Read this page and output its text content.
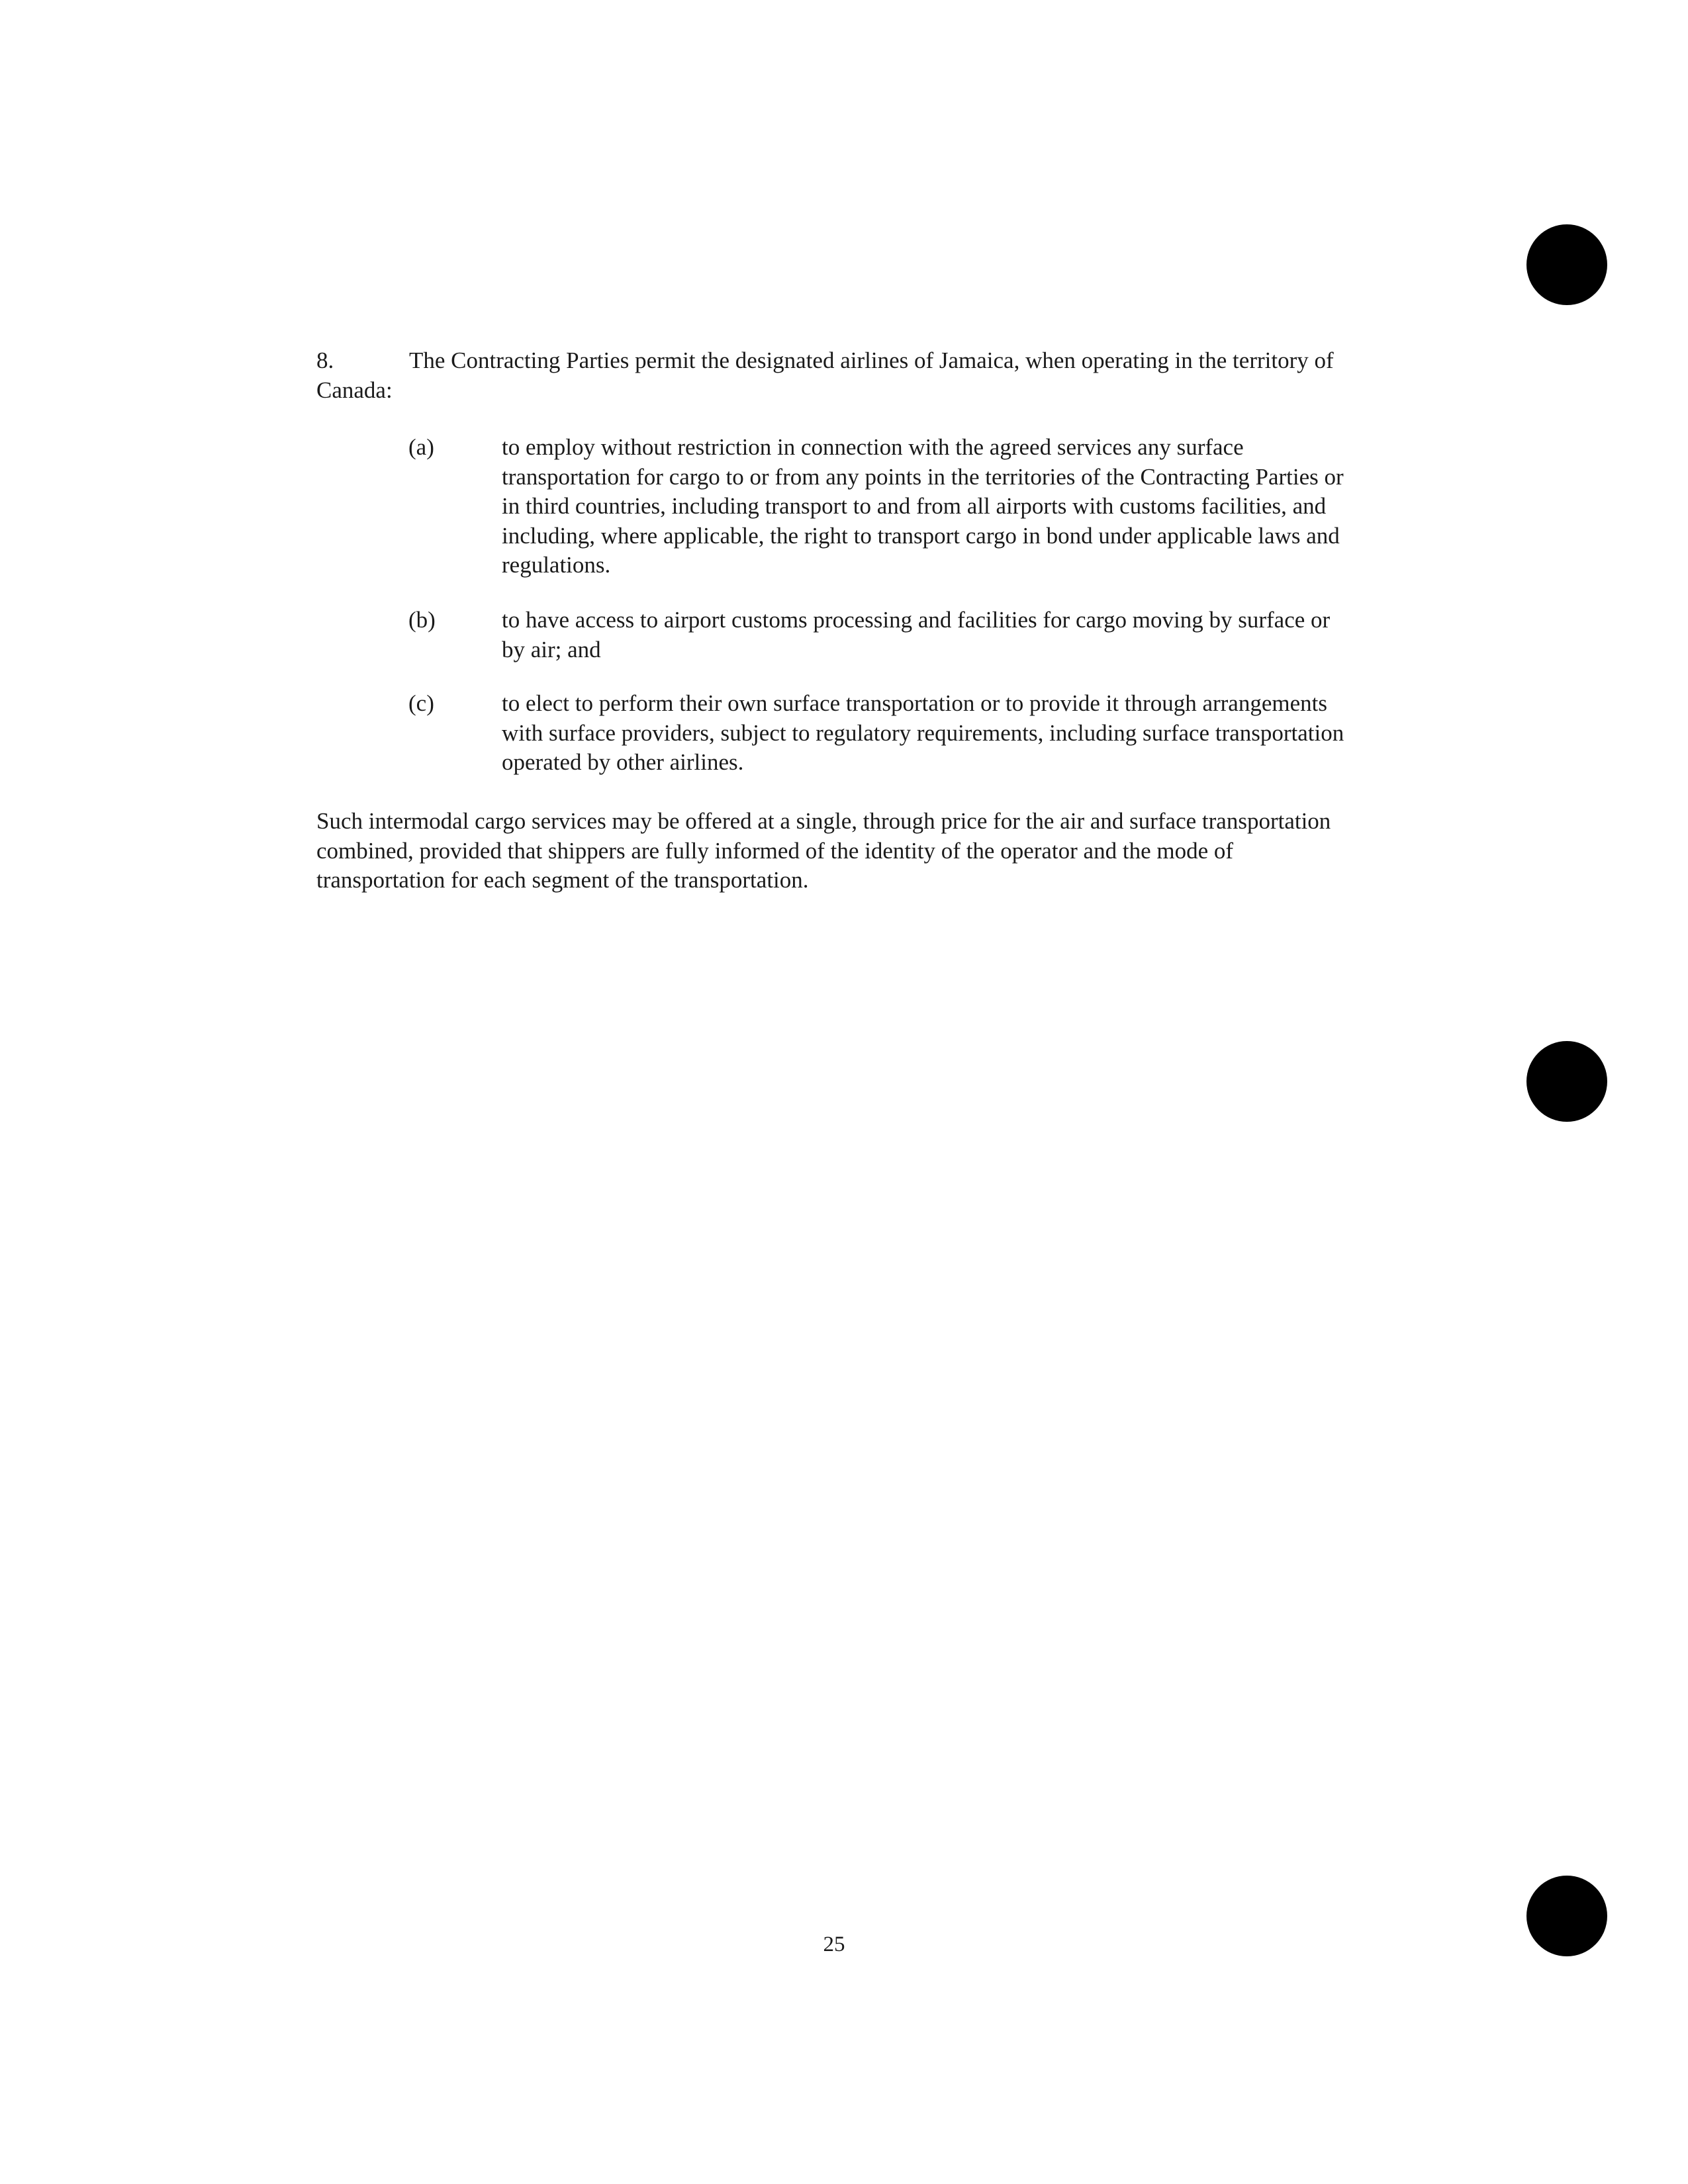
8.	The Contracting Parties permit the designated airlines of Jamaica, when operating in the territory of Canada:
(a)	to employ without restriction in connection with the agreed services any surface transportation for cargo to or from any points in the territories of the Contracting Parties or in third countries, including transport to and from all airports with customs facilities, and including, where applicable, the right to transport cargo in bond under applicable laws and regulations.
(b)	to have access to airport customs processing and facilities for cargo moving by surface or by air; and
(c)	to elect to perform their own surface transportation or to provide it through arrangements with surface providers, subject to regulatory requirements, including surface transportation operated by other airlines.
Such intermodal cargo services may be offered at a single, through price for the air and surface transportation combined, provided that shippers are fully informed of the identity of the operator and the mode of transportation for each segment of the transportation.
25
